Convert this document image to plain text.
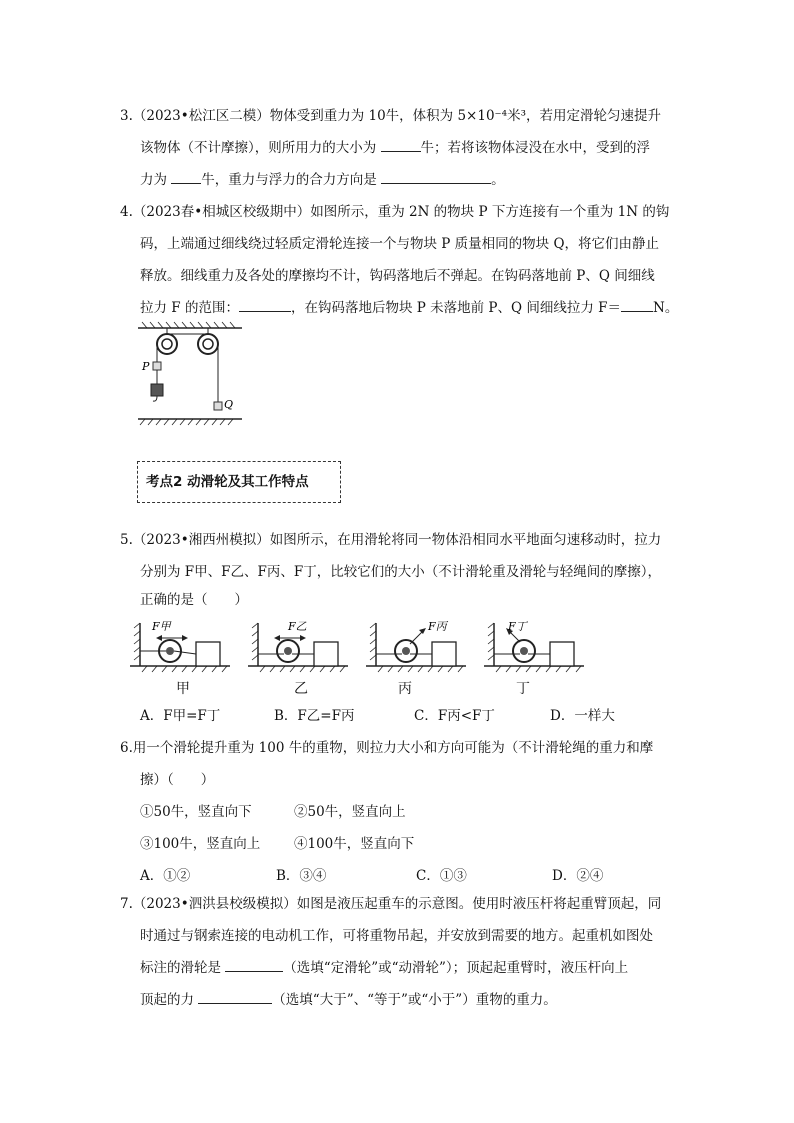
3.（2023•松江区二模）物体受到重力为 10牛，体积为 5×10⁻⁴米³，若用定滑轮匀速提升

该物体（不计摩擦），则所用力的大小为	牛；若将该物体浸没在水中，受到的浮

力为 牛，重力与浮力的合力方向是	。

4.（2023春•相城区校级期中）如图所示，重为 2N 的物块 P 下方连接有一个重为 1N 的钩

码，上端通过细线绕过轻质定滑轮连接一个与物块 P 质量相同的物块 Q，将它们由静止

释放。细线重力及各处的摩擦均不计，钩码落地后不弹起。在钩码落地前 P、Q 间细线

拉力 F 的范围：	，在钩码落地后物块 P 未落地前 P、Q 间细线拉力 F＝ N。

P
Q
考点2 动滑轮及其工作特点

5.（2023•湘西州模拟）如图所示，在用滑轮将同一物体沿相同水平地面匀速移动时，拉力

分别为 F甲、F乙、F丙、F丁，比较它们的大小（不计滑轮重及滑轮与轻绳间的摩擦），

正确的是（　　）

F甲	F乙	F丙	F丁
甲	乙	丙	丁
A．F甲=F丁	B．F乙=F丙	C．F丙<F丁	D．一样大

6.用一个滑轮提升重为 100 牛的重物，则拉力大小和方向可能为（不计滑轮绳的重力和摩

擦）（　　）

①50牛，竖直向下	②50牛，竖直向上
③100牛，竖直向上	④100牛，竖直向下
A．①②	B．③④	C．①③	D．②④

7.（2023•泗洪县校级模拟）如图是液压起重车的示意图。使用时液压杆将起重臂顶起，同

时通过与钢索连接的电动机工作，可将重物吊起，并安放到需要的地方。起重机如图处

标注的滑轮是	（选填“定滑轮”或“动滑轮”）；顶起起重臂时，液压杆向上

顶起的力	（选填“大于”、“等于”或“小于”）重物的重力。
